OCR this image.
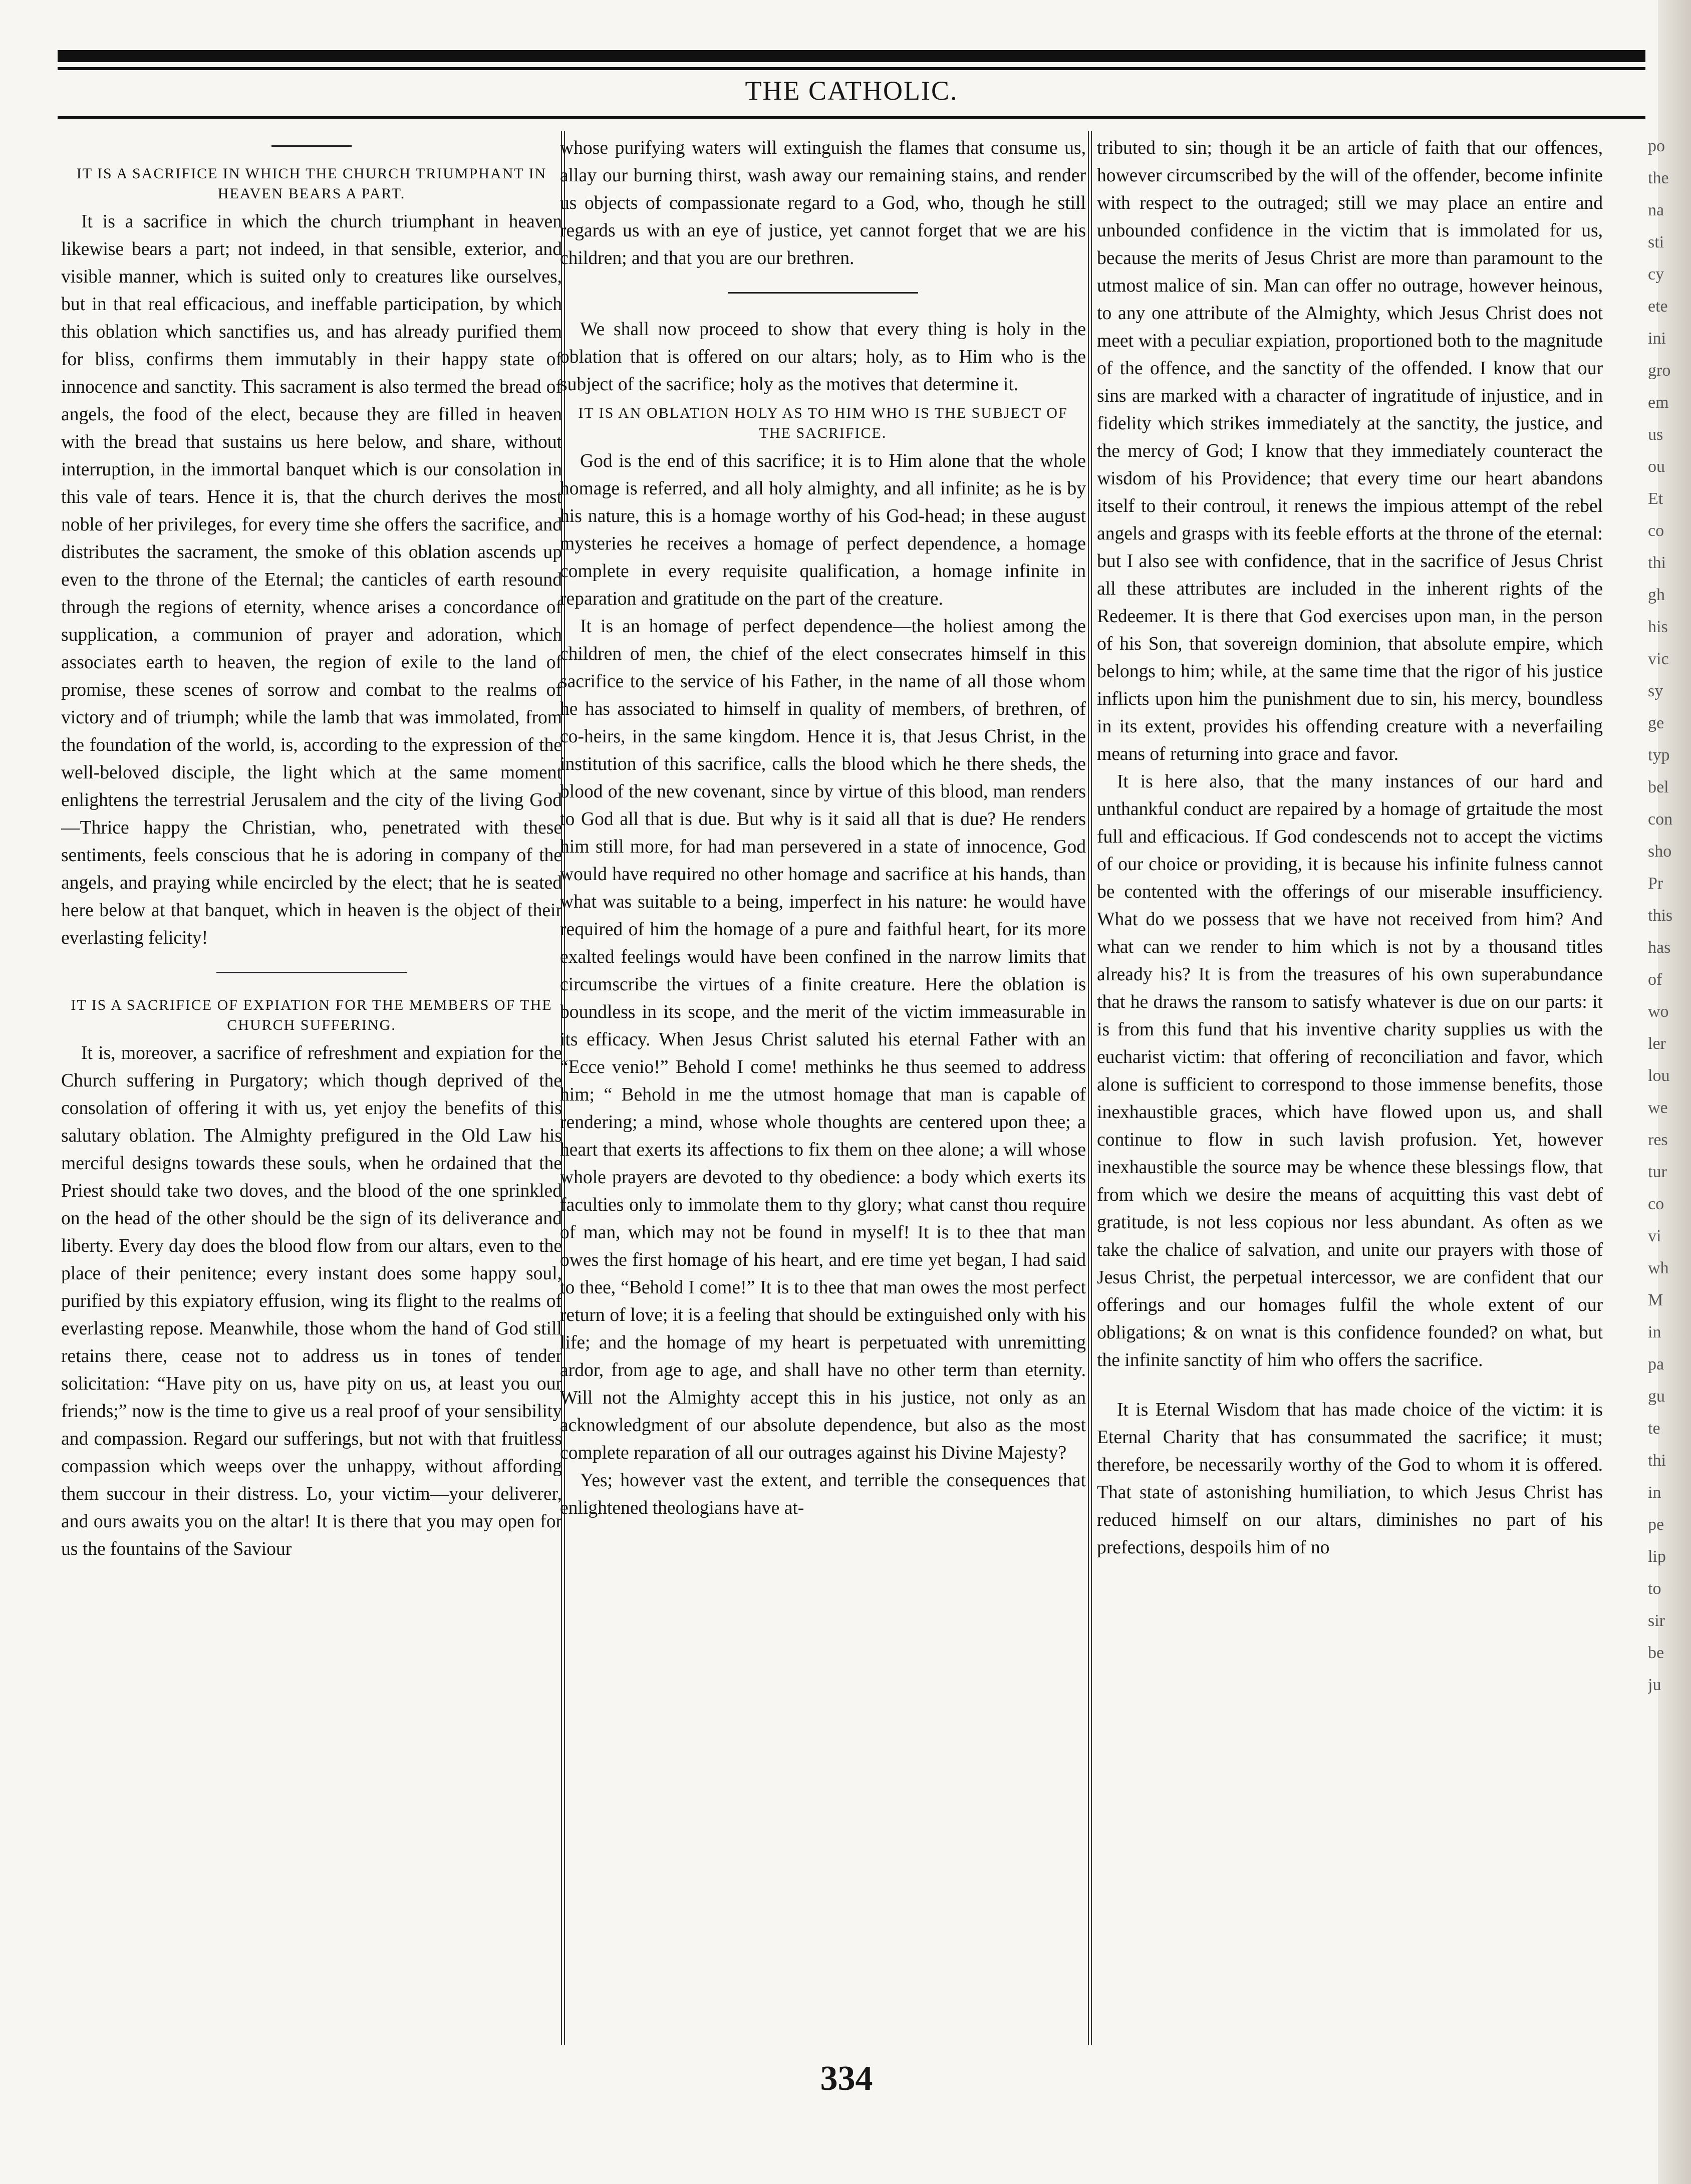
THE CATHOLIC.
IT IS A SACRIFICE IN WHICH THE CHURCH TRIUMPHANT IN HEAVEN BEARS A PART.

It is a sacrifice in which the church triumphant in heaven likewise bears a part; not indeed, in that sensible, exterior, and visible manner, which is suited only to creatures like ourselves, but in that real efficacious, and ineffable participation, by which this oblation which sanctifies us, and has already purified them for bliss, confirms them immutably in their happy state of innocence and sanctity. This sacrament is also termed the bread of angels, the food of the elect, because they are filled in heaven with the bread that sustains us here below, and share, without interruption, in the immortal banquet which is our consolation in this vale of tears. Hence it is, that the church derives the most noble of her privileges, for every time she offers the sacrifice, and distributes the sacrament, the smoke of this oblation ascends up even to the throne of the Eternal; the canticles of earth resound through the regions of eternity, whence arises a concordance of supplication, a communion of prayer and adoration, which associates earth to heaven, the region of exile to the land of promise, these scenes of sorrow and combat to the realms of victory and of triumph; while the lamb that was immolated, from the foundation of the world, is, according to the expression of the well-beloved disciple, the light which at the same moment enlightens the terrestrial Jerusalem and the city of the living God—Thrice happy the Christian, who, penetrated with these sentiments, feels conscious that he is adoring in company of the angels, and praying while encircled by the elect; that he is seated here below at that banquet, which in heaven is the object of their everlasting felicity!

IT IS A SACRIFICE OF EXPIATION FOR THE MEMBERS OF THE CHURCH SUFFERING.

It is, moreover, a sacrifice of refreshment and expiation for the Church suffering in Purgatory; which though deprived of the consolation of offering it with us, yet enjoy the benefits of this salutary oblation. The Almighty prefigured in the Old Law his merciful designs towards these souls, when he ordained that the Priest should take two doves, and the blood of the one sprinkled on the head of the other should be the sign of its deliverance and liberty. Every day does the blood flow from our altars, even to the place of their penitence; every instant does some happy soul, purified by this expiatory effusion, wing its flight to the realms of everlasting repose. Meanwhile, those whom the hand of God still retains there, cease not to address us in tones of tender solicitation: “Have pity on us, have pity on us, at least you our friends;” now is the time to give us a real proof of your sensibility and compassion. Regard our sufferings, but not with that fruitless compassion which weeps over the unhappy, without affording them succour in their distress. Lo, your victim—your deliverer, and ours awaits you on the altar! It is there that you may open for us the fountains of the Saviour

whose purifying waters will extinguish the flames that consume us, allay our burning thirst, wash away our remaining stains, and render us objects of compassionate regard to a God, who, though he still regards us with an eye of justice, yet cannot forget that we are his children; and that you are our brethren.

We shall now proceed to show that every thing is holy in the oblation that is offered on our altars; holy, as to Him who is the subject of the sacrifice; holy as the motives that determine it.

IT IS AN OBLATION HOLY AS TO HIM WHO IS THE SUBJECT OF THE SACRIFICE.

God is the end of this sacrifice; it is to Him alone that the whole homage is referred, and all holy almighty, and all infinite; as he is by his nature, this is a homage worthy of his God-head; in these august mysteries he receives a homage of perfect dependence, a homage complete in every requisite qualification, a homage infinite in reparation and gratitude on the part of the creature.

It is an homage of perfect dependence—the holiest among the children of men, the chief of the elect consecrates himself in this sacrifice to the service of his Father, in the name of all those whom he has associated to himself in quality of members, of brethren, of co-heirs, in the same kingdom. Hence it is, that Jesus Christ, in the institution of this sacrifice, calls the blood which he there sheds, the blood of the new covenant, since by virtue of this blood, man renders to God all that is due. But why is it said all that is due? He renders him still more, for had man persevered in a state of innocence, God would have required no other homage and sacrifice at his hands, than what was suitable to a being, imperfect in his nature: he would have required of him the homage of a pure and faithful heart, for its more exalted feelings would have been confined in the narrow limits that circumscribe the virtues of a finite creature. Here the oblation is boundless in its scope, and the merit of the victim immeasurable in its efficacy. When Jesus Christ saluted his eternal Father with an “Ecce venio!” Behold I come! methinks he thus seemed to address him; “ Behold in me the utmost homage that man is capable of rendering; a mind, whose whole thoughts are centered upon thee; a heart that exerts its affections to fix them on thee alone; a will whose whole prayers are devoted to thy obedience: a body which exerts its faculties only to immolate them to thy glory; what canst thou require of man, which may not be found in myself! It is to thee that man owes the first homage of his heart, and ere time yet began, I had said to thee, “Behold I come!” It is to thee that man owes the most perfect return of love; it is a feeling that should be extinguished only with his life; and the homage of my heart is perpetuated with unremitting ardor, from age to age, and shall have no other term than eternity. Will not the Almighty accept this in his justice, not only as an acknowledgment of our absolute dependence, but also as the most complete reparation of all our outrages against his Divine Majesty?

Yes; however vast the extent, and terrible the consequences that enlightened theologians have at-

tributed to sin; though it be an article of faith that our offences, however circumscribed by the will of the offender, become infinite with respect to the outraged; still we may place an entire and unbounded confidence in the victim that is immolated for us, because the merits of Jesus Christ are more than paramount to the utmost malice of sin. Man can offer no outrage, however heinous, to any one attribute of the Almighty, which Jesus Christ does not meet with a peculiar expiation, proportioned both to the magnitude of the offence, and the sanctity of the offended. I know that our sins are marked with a character of ingratitude of injustice, and in fidelity which strikes immediately at the sanctity, the justice, and the mercy of God; I know that they immediately counteract the wisdom of his Providence; that every time our heart abandons itself to their controul, it renews the impious attempt of the rebel angels and grasps with its feeble efforts at the throne of the eternal: but I also see with confidence, that in the sacrifice of Jesus Christ all these attributes are included in the inherent rights of the Redeemer. It is there that God exercises upon man, in the person of his Son, that sovereign dominion, that absolute empire, which belongs to him; while, at the same time that the rigor of his justice inflicts upon him the punishment due to sin, his mercy, boundless in its extent, provides his offending creature with a neverfailing means of returning into grace and favor.

It is here also, that the many instances of our hard and unthankful conduct are repaired by a homage of grtaitude the most full and efficacious. If God condescends not to accept the victims of our choice or providing, it is because his infinite fulness cannot be contented with the offerings of our miserable insufficiency. What do we possess that we have not received from him? And what can we render to him which is not by a thousand titles already his? It is from the treasures of his own superabundance that he draws the ransom to satisfy whatever is due on our parts: it is from this fund that his inventive charity supplies us with the eucharist victim: that offering of reconciliation and favor, which alone is sufficient to correspond to those immense benefits, those inexhaustible graces, which have flowed upon us, and shall continue to flow in such lavish profusion. Yet, however inexhaustible the source may be whence these blessings flow, that from which we desire the means of acquitting this vast debt of gratitude, is not less copious nor less abundant. As often as we take the chalice of salvation, and unite our prayers with those of Jesus Christ, the perpetual intercessor, we are confident that our offerings and our homages fulfil the whole extent of our obligations; & on wnat is this confidence founded? on what, but the infinite sanctity of him who offers the sacrifice.

It is Eternal Wisdom that has made choice of the victim: it is Eternal Charity that has consummated the sacrifice; it must; therefore, be necessarily worthy of the God to whom it is offered. That state of astonishing humiliation, to which Jesus Christ has reduced himself on our altars, diminishes no part of his prefections, despoils him of no

334
po the na sti cy ete ini gro em us ou Et co thi gh his vic sy ge typ bel con sho Pr this has of wo ler lou we res tur co vi wh M in pa gu te thi in pe lip to sir be ju
